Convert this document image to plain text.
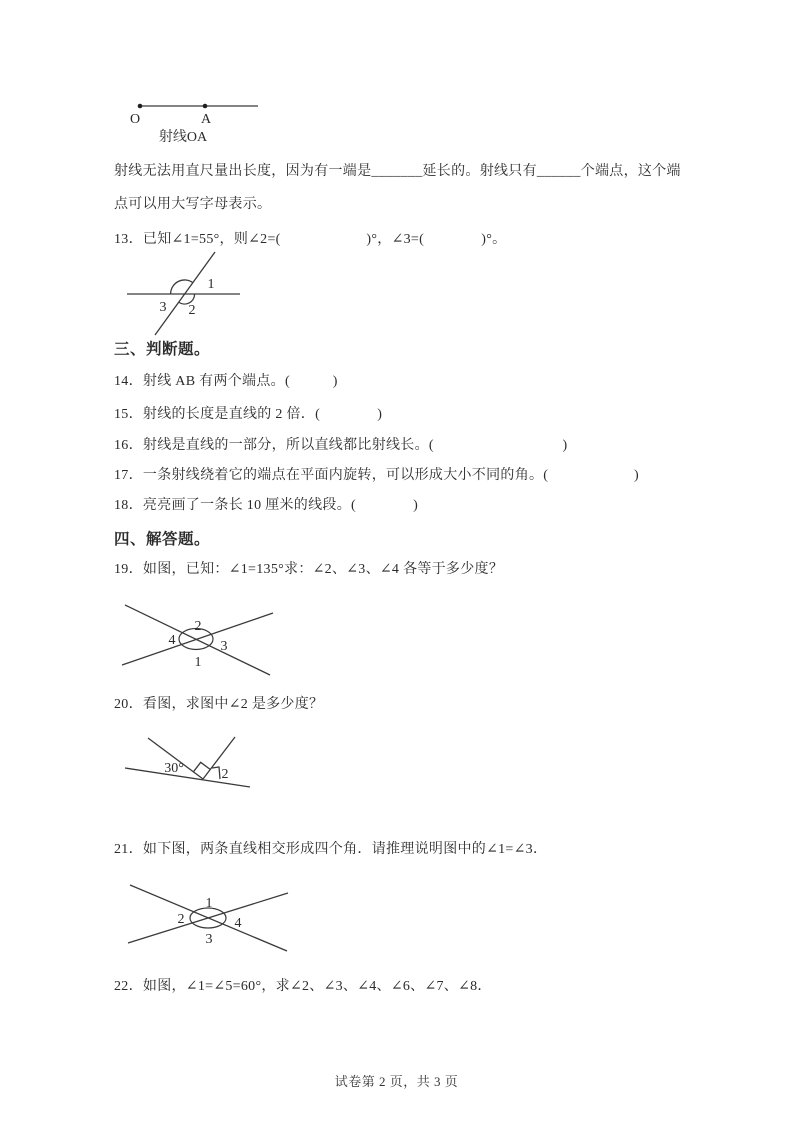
O	A
射线OA
射线无法用直尺量出长度，因为有一端是_______延长的。射线只有______个端点，这个端
点可以用大写字母表示。
13．已知∠1=55°，则∠2=(　　　　　　)°，∠3=(　　　　)°。
1
3 2
三、判断题。
14．射线 AB 有两个端点。(　　　)
15．射线的长度是直线的 2 倍．(　　　　)
16．射线是直线的一部分，所以直线都比射线长。(　　　　　　　　　)
17．一条射线绕着它的端点在平面内旋转，可以形成大小不同的角。(　　　　　　)
18．亮亮画了一条长 10 厘米的线段。(　　　　)
四、解答题。
19．如图，已知：∠1=135°求：∠2、∠3、∠4 各等于多少度？
2
4	3
1
20．看图，求图中∠2 是多少度？
30°	2
21．如下图，两条直线相交形成四个角．请推理说明图中的∠1=∠3．
1
2	4
3
22．如图，∠1=∠5=60°，求∠2、∠3、∠4、∠6、∠7、∠8．
试卷第 2 页，共 3 页
